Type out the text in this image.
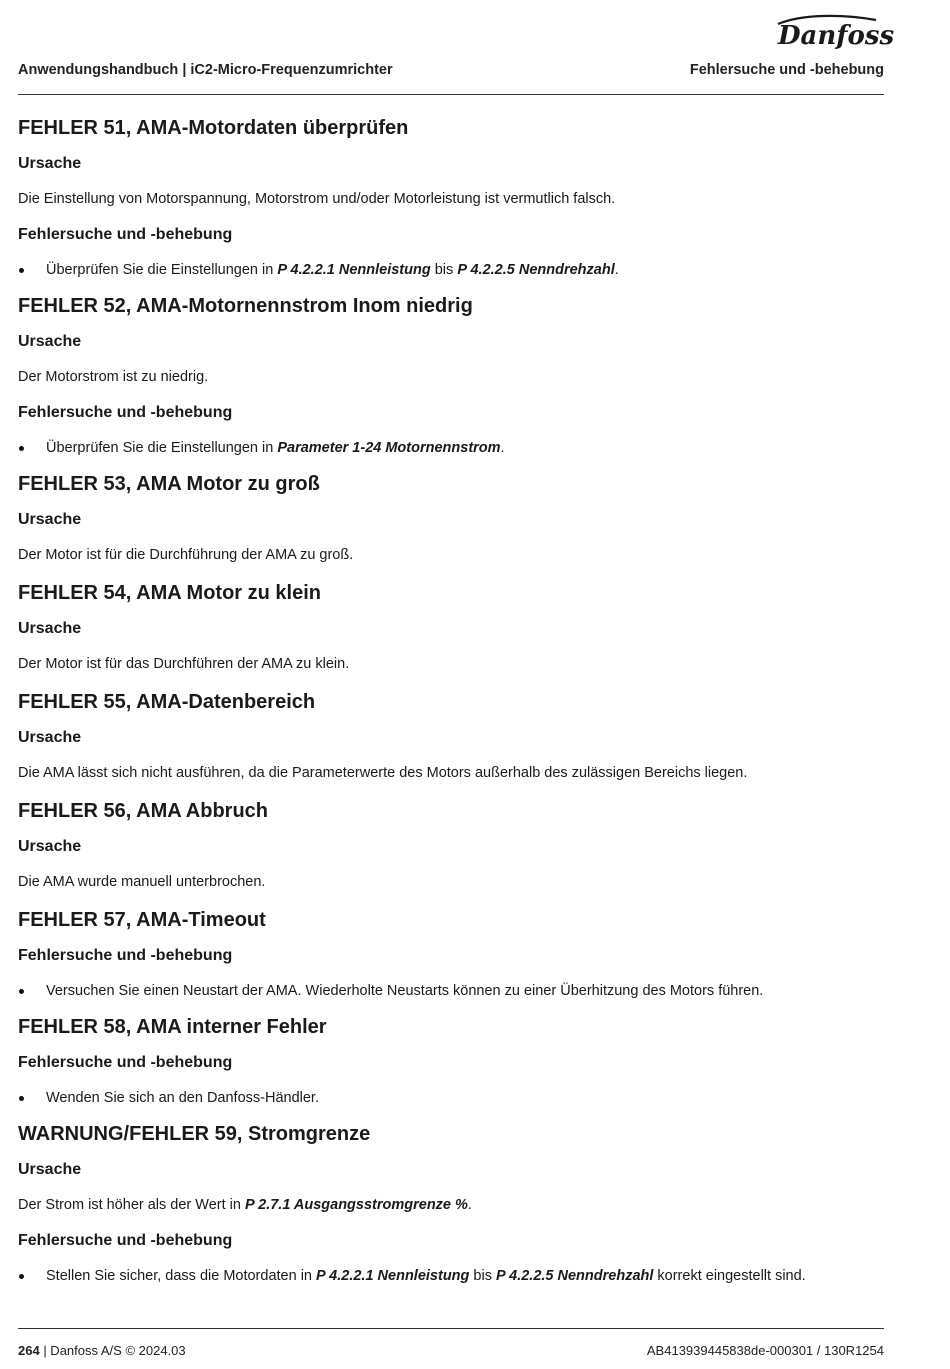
Danfoss
Anwendungshandbuch | iC2-Micro-Frequenzumrichter	Fehlersuche und -behebung
FEHLER 51, AMA-Motordaten überprüfen
Ursache

Die Einstellung von Motorspannung, Motorstrom und/oder Motorleistung ist vermutlich falsch.

Fehlersuche und -behebung
Überprüfen Sie die Einstellungen in P 4.2.2.1 Nennleistung bis P 4.2.2.5 Nenndrehzahl.
FEHLER 52, AMA-Motornennstrom Inom niedrig
Ursache

Der Motorstrom ist zu niedrig.

Fehlersuche und -behebung
Überprüfen Sie die Einstellungen in Parameter 1-24 Motornennstrom.
FEHLER 53, AMA Motor zu groß
Ursache

Der Motor ist für die Durchführung der AMA zu groß.

FEHLER 54, AMA Motor zu klein
Ursache

Der Motor ist für das Durchführen der AMA zu klein.

FEHLER 55, AMA-Datenbereich
Ursache

Die AMA lässt sich nicht ausführen, da die Parameterwerte des Motors außerhalb des zulässigen Bereichs liegen.

FEHLER 56, AMA Abbruch
Ursache

Die AMA wurde manuell unterbrochen.

FEHLER 57, AMA-Timeout
Fehlersuche und -behebung
Versuchen Sie einen Neustart der AMA. Wiederholte Neustarts können zu einer Überhitzung des Motors führen.
FEHLER 58, AMA interner Fehler
Fehlersuche und -behebung
Wenden Sie sich an den Danfoss-Händler.
WARNUNG/FEHLER 59, Stromgrenze
Ursache

Der Strom ist höher als der Wert in P 2.7.1 Ausgangsstromgrenze %.

Fehlersuche und -behebung
Stellen Sie sicher, dass die Motordaten in P 4.2.2.1 Nennleistung bis P 4.2.2.5 Nenndrehzahl korrekt eingestellt sind.
264 | Danfoss A/S © 2024.03	AB413939445838de-000301 / 130R1254
